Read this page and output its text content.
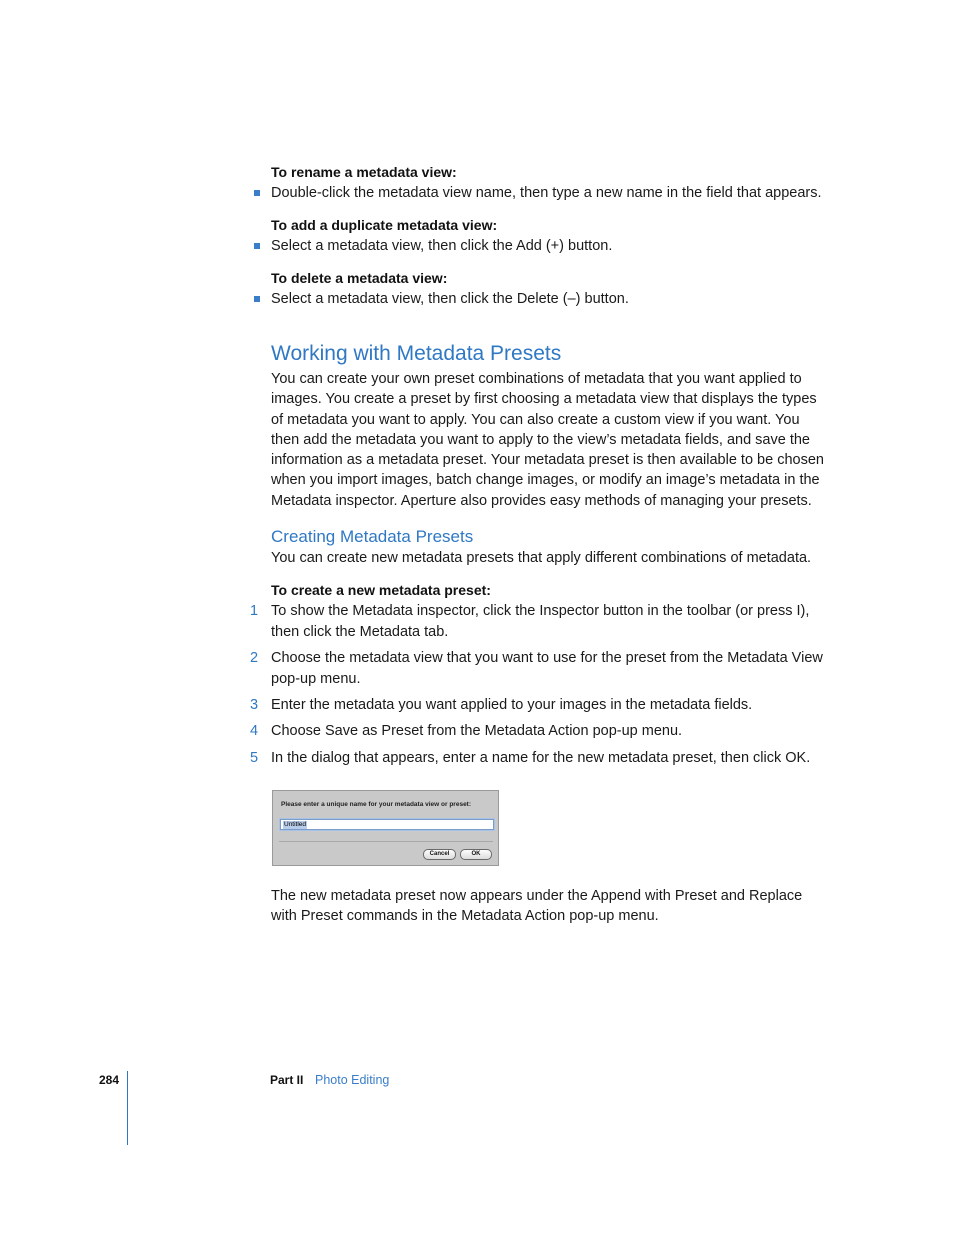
To rename a metadata view:
Double-click the metadata view name, then type a new name in the field that appears.
To add a duplicate metadata view:
Select a metadata view, then click the Add (+) button.
To delete a metadata view:
Select a metadata view, then click the Delete (–) button.
Working with Metadata Presets
You can create your own preset combinations of metadata that you want applied to images. You create a preset by first choosing a metadata view that displays the types of metadata you want to apply. You can also create a custom view if you want. You then add the metadata you want to apply to the view’s metadata fields, and save the information as a metadata preset. Your metadata preset is then available to be chosen when you import images, batch change images, or modify an image’s metadata in the Metadata inspector. Aperture also provides easy methods of managing your presets.
Creating Metadata Presets
You can create new metadata presets that apply different combinations of metadata.
To create a new metadata preset:
1 To show the Metadata inspector, click the Inspector button in the toolbar (or press I), then click the Metadata tab.
2 Choose the metadata view that you want to use for the preset from the Metadata View pop-up menu.
3 Enter the metadata you want applied to your images in the metadata fields.
4 Choose Save as Preset from the Metadata Action pop-up menu.
5 In the dialog that appears, enter a name for the new metadata preset, then click OK.
Please enter a unique name for your metadata view or preset:
Untitled
Cancel	OK
The new metadata preset now appears under the Append with Preset and Replace with Preset commands in the Metadata Action pop-up menu.
284	Part II Photo Editing
